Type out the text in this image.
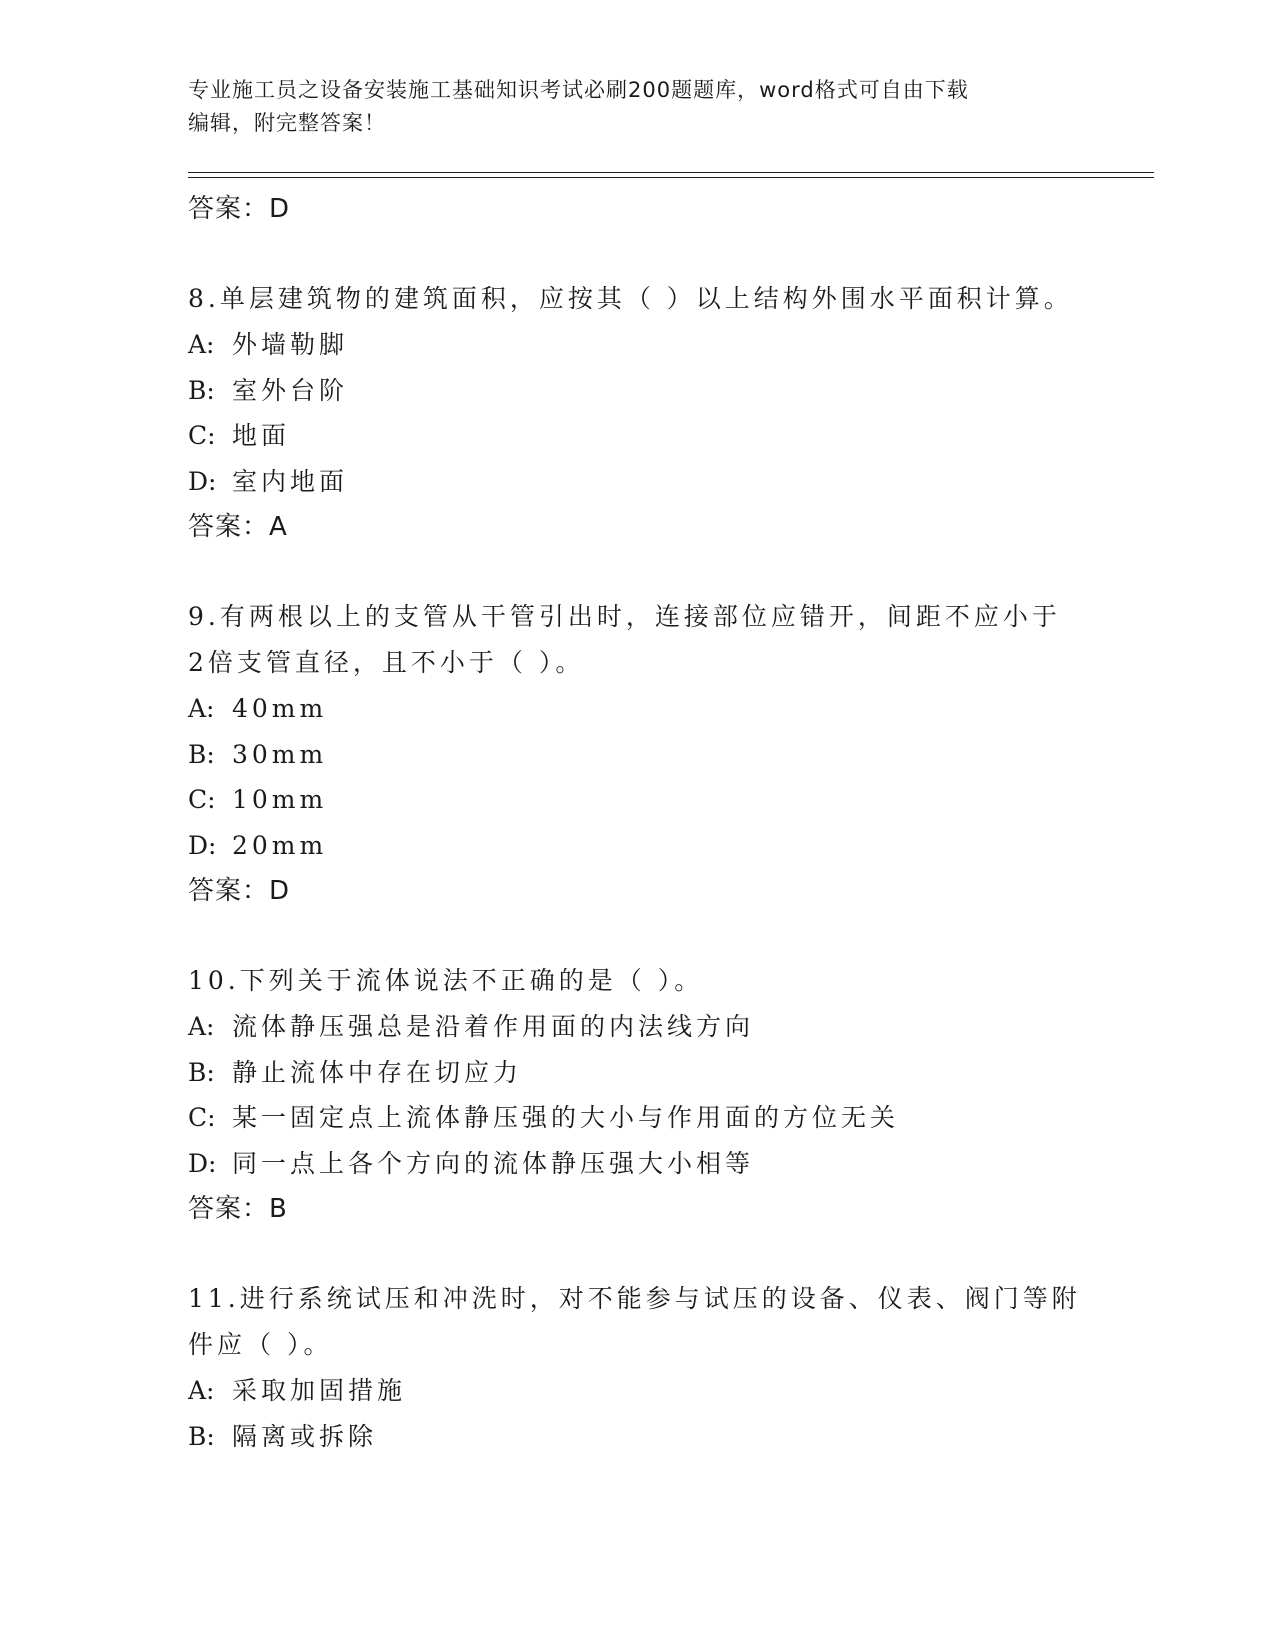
专业施工员之设备安装施工基础知识考试必刷200题题库，word格式可自由下载
编辑，附完整答案！
答案：D
8.单层建筑物的建筑面积，应按其（ ）以上结构外围水平面积计算。
A: 外墙勒脚
B: 室外台阶
C: 地面
D: 室内地面
答案：A
9.有两根以上的支管从干管引出时，连接部位应错开，间距不应小于
2倍支管直径，且不小于（ ）。
A: 40mm
B: 30mm
C: 10mm
D: 20mm
答案：D
10.下列关于流体说法不正确的是（ ）。
A: 流体静压强总是沿着作用面的内法线方向
B: 静止流体中存在切应力
C: 某一固定点上流体静压强的大小与作用面的方位无关
D: 同一点上各个方向的流体静压强大小相等
答案：B
11.进行系统试压和冲洗时，对不能参与试压的设备、仪表、阀门等附
件应（ ）。
A: 采取加固措施
B: 隔离或拆除
